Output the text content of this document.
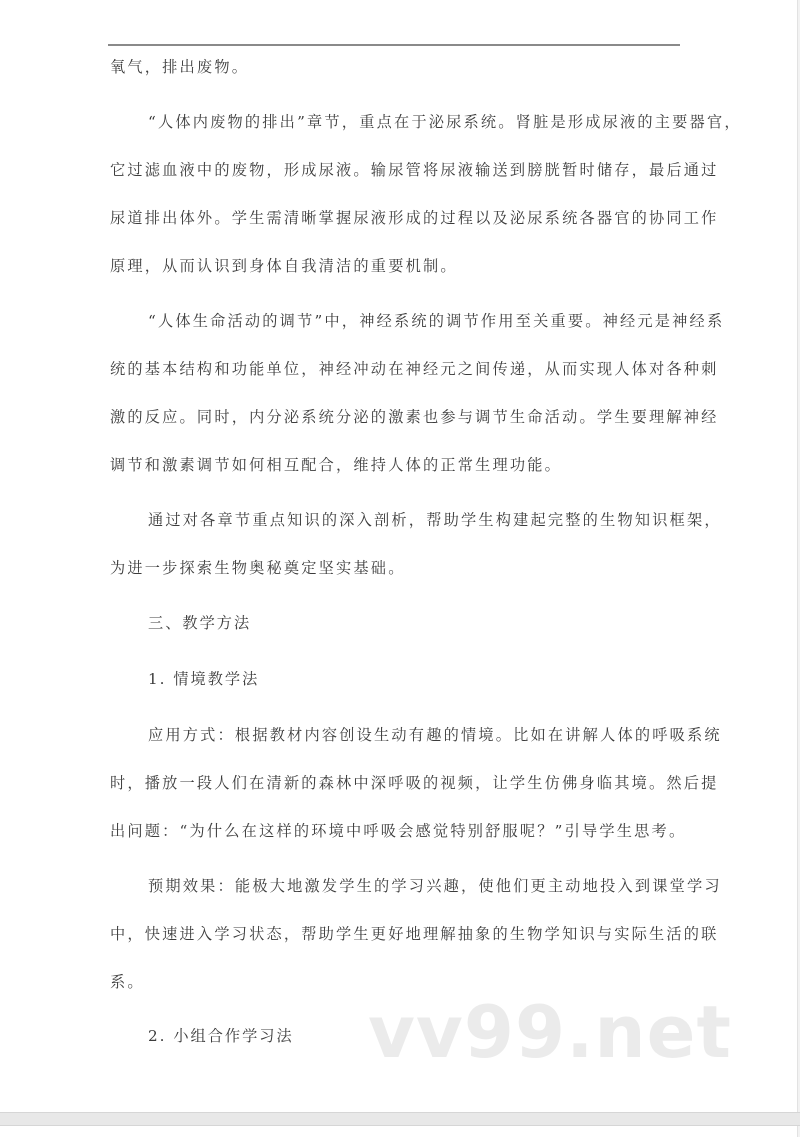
氧气，排出废物。
“人体内废物的排出”章节，重点在于泌尿系统。肾脏是形成尿液的主要器官，
它过滤血液中的废物，形成尿液。输尿管将尿液输送到膀胱暂时储存，最后通过
尿道排出体外。学生需清晰掌握尿液形成的过程以及泌尿系统各器官的协同工作
原理，从而认识到身体自我清洁的重要机制。
“人体生命活动的调节”中，神经系统的调节作用至关重要。神经元是神经系
统的基本结构和功能单位，神经冲动在神经元之间传递，从而实现人体对各种刺
激的反应。同时，内分泌系统分泌的激素也参与调节生命活动。学生要理解神经
调节和激素调节如何相互配合，维持人体的正常生理功能。
通过对各章节重点知识的深入剖析，帮助学生构建起完整的生物知识框架，
为进一步探索生物奥秘奠定坚实基础。
三、教学方法
1. 情境教学法
应用方式：根据教材内容创设生动有趣的情境。比如在讲解人体的呼吸系统
时，播放一段人们在清新的森林中深呼吸的视频，让学生仿佛身临其境。然后提
出问题：“为什么在这样的环境中呼吸会感觉特别舒服呢？”引导学生思考。
预期效果：能极大地激发学生的学习兴趣，使他们更主动地投入到课堂学习
中，快速进入学习状态，帮助学生更好地理解抽象的生物学知识与实际生活的联
系。
2. 小组合作学习法 vv99.net
